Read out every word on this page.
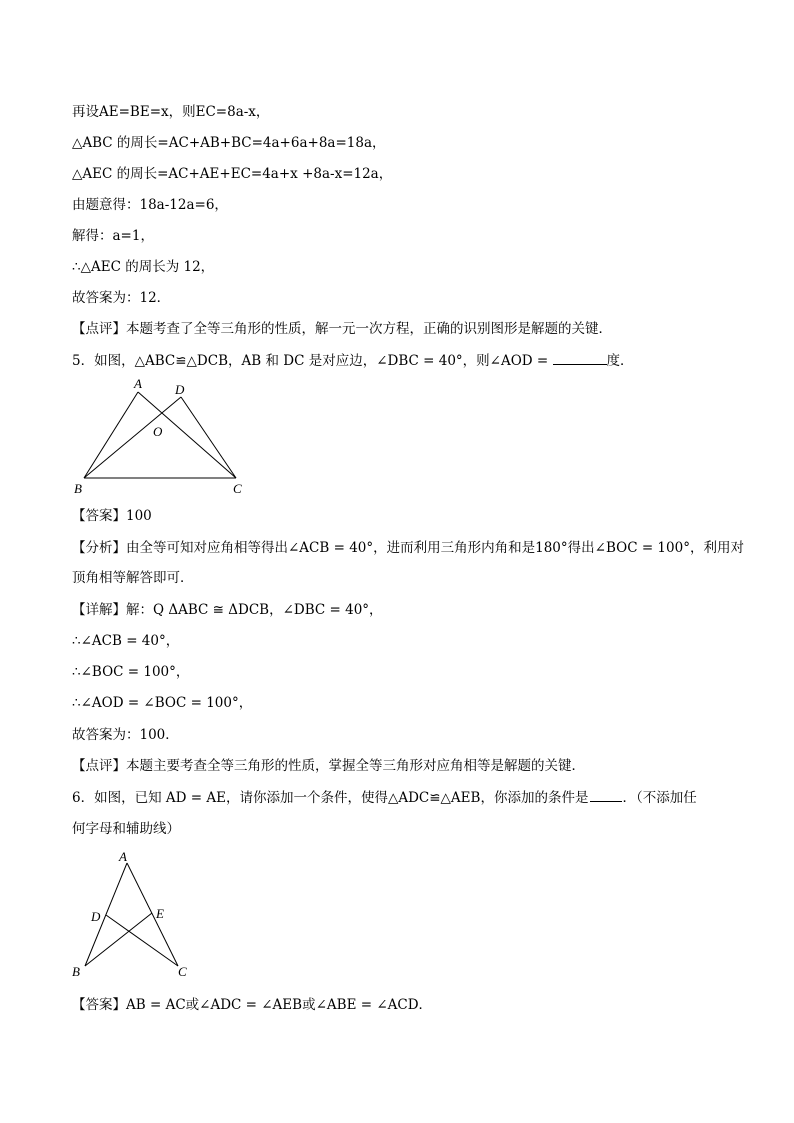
再设AE=BE=x，则EC=8a-x，
△ABC 的周长=AC+AB+BC=4a+6a+8a=18a，
△AEC 的周长=AC+AE+EC=4a+x +8a-x=12a，
由题意得：18a-12a=6，
解得：a=1，
∴△AEC 的周长为 12，
故答案为：12．
【点评】本题考查了全等三角形的性质，解一元一次方程，正确的识别图形是解题的关键．
5．如图，△ABC≌△DCB，AB 和 DC 是对应边，∠DBC = 40°，则∠AOD =	度．
A	D
O
B	C
【答案】100
【分析】由全等可知对应角相等得出∠ACB = 40°，进而利用三角形内角和是180°得出∠BOC = 100°，利用对
顶角相等解答即可．
【详解】解：Q ΔABC ≅ ΔDCB，∠DBC = 40°，
∴∠ACB = 40°，
∴∠BOC = 100°，
∴∠AOD = ∠BOC = 100°，
故答案为：100．
【点评】本题主要考查全等三角形的性质，掌握全等三角形对应角相等是解题的关键．
6．如图，已知 AD = AE，请你添加一个条件，使得△ADC≌△AEB，你添加的条件是	．（不添加任
何字母和辅助线）
A
D	E
B	C
【答案】AB = AC或∠ADC = ∠AEB或∠ABE = ∠ACD．
